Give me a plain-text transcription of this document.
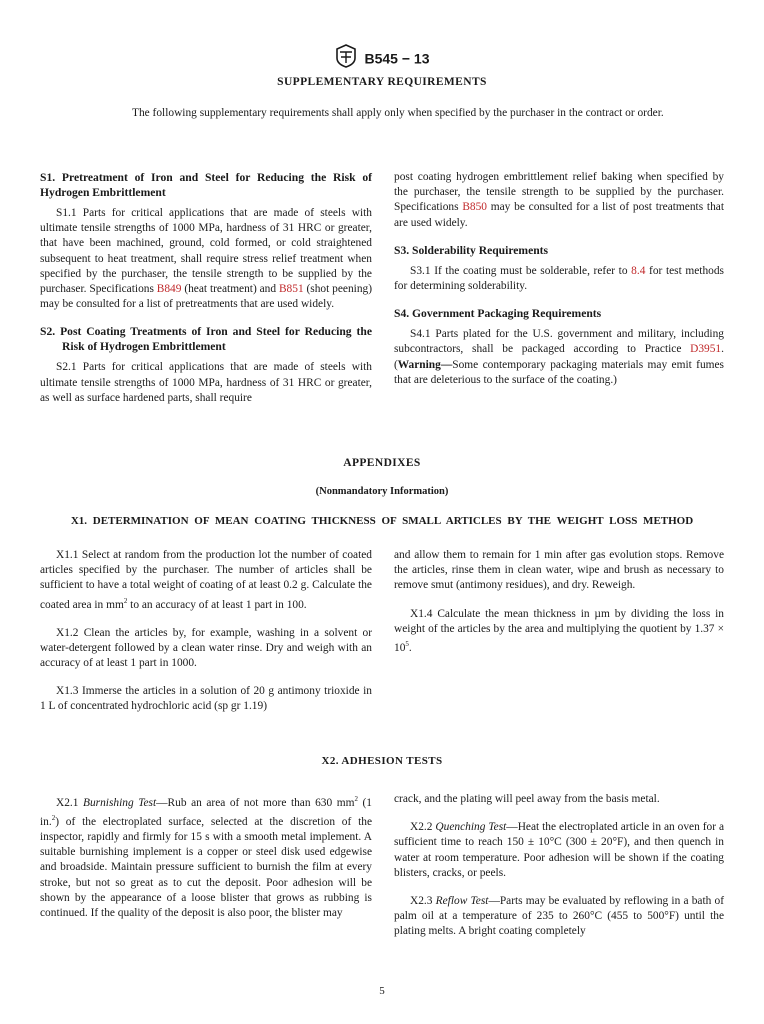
B545 − 13
SUPPLEMENTARY REQUIREMENTS

The following supplementary requirements shall apply only when specified by the purchaser in the contract or order.

S1. Pretreatment of Iron and Steel for Reducing the Risk of Hydrogen Embrittlement

S1.1 Parts for critical applications that are made of steels with ultimate tensile strengths of 1000 MPa, hardness of 31 HRC or greater, that have been machined, ground, cold formed, or cold straightened subsequent to heat treatment, shall require stress relief treatment when specified by the purchaser, the tensile strength to be supplied by the purchaser. Specifications B849 (heat treatment) and B851 (shot peening) may be consulted for a list of pretreatments that are used widely.

S2. Post Coating Treatments of Iron and Steel for Reducing the Risk of Hydrogen Embrittlement

S2.1 Parts for critical applications that are made of steels with ultimate tensile strengths of 1000 MPa, hardness of 31 HRC or greater, as well as surface hardened parts, shall require

post coating hydrogen embrittlement relief baking when specified by the purchaser, the tensile strength to be supplied by the purchaser. Specifications B850 may be consulted for a list of post treatments that are used widely.

S3. Solderability Requirements

S3.1 If the coating must be solderable, refer to 8.4 for test methods for determining solderability.

S4. Government Packaging Requirements

S4.1 Parts plated for the U.S. government and military, including subcontractors, shall be packaged according to Practice D3951. (Warning—Some contemporary packaging materials may emit fumes that are deleterious to the surface of the coating.)

APPENDIXES
(Nonmandatory Information)
X1. DETERMINATION OF MEAN COATING THICKNESS OF SMALL ARTICLES BY THE WEIGHT LOSS METHOD

X1.1 Select at random from the production lot the number of coated articles specified by the purchaser. The number of articles shall be sufficient to have a total weight of coating of at least 0.2 g. Calculate the coated area in $mm^2$ to an accuracy of at least 1 part in 100.

X1.2 Clean the articles by, for example, washing in a solvent or water-detergent followed by a clean water rinse. Dry and weigh with an accuracy of at least 1 part in 1000.

X1.3 Immerse the articles in a solution of 20 g antimony trioxide in 1 L of concentrated hydrochloric acid (sp gr 1.19)

and allow them to remain for 1 min after gas evolution stops. Remove the articles, rinse them in clean water, wipe and brush as necessary to remove smut (antimony residues), and dry. Reweigh.

X1.4 Calculate the mean thickness in µm by dividing the loss in weight of the articles by the area and multiplying the quotient by $1.37 \times 10^5$.

X2. ADHESION TESTS

X2.1 Burnishing Test—Rub an area of not more than 630 $mm^2$ (1 in.$^2$) of the electroplated surface, selected at the discretion of the inspector, rapidly and firmly for 15 s with a smooth metal implement. A suitable burnishing implement is a copper or steel disk used edgewise and broadside. Maintain pressure sufficient to burnish the film at every stroke, but not so great as to cut the deposit. Poor adhesion will be shown by the appearance of a loose blister that grows as rubbing is continued. If the quality of the deposit is also poor, the blister may

crack, and the plating will peel away from the basis metal.

X2.2 Quenching Test—Heat the electroplated article in an oven for a sufficient time to reach 150 ± 10°C (300 ± 20°F), and then quench in water at room temperature. Poor adhesion will be shown if the coating blisters, cracks, or peels.

X2.3 Reflow Test—Parts may be evaluated by reflowing in a bath of palm oil at a temperature of 235 to 260°C (455 to 500°F) until the plating melts. A bright coating completely

5
